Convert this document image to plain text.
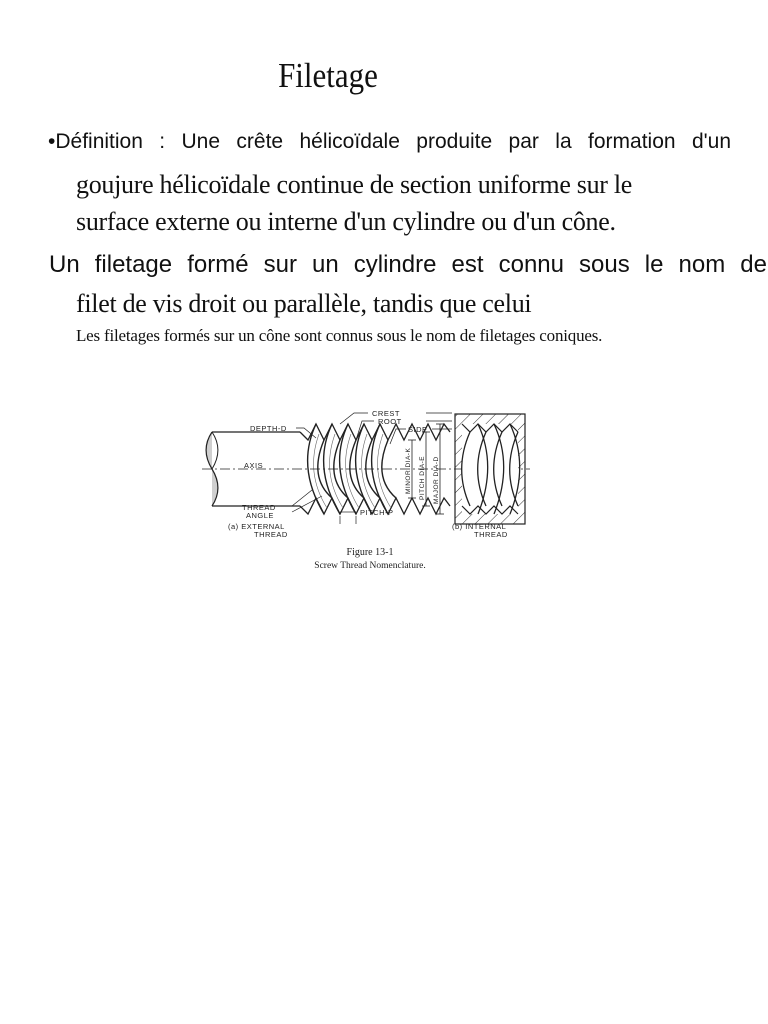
Filetage
•Définition : Une crête hélicoïdale produite par la formation d'un
goujure hélicoïdale continue de section uniforme sur le
surface externe ou interne d'un cylindre ou d'un cône.
Un filetage formé sur un cylindre est connu sous le nom de
filet de vis droit ou parallèle, tandis que celui
Les filetages formés sur un cône sont connus sous le nom de filetages coniques.
CREST
ROOT
SIDE
DEPTH-D
AXIS
THREAD
ANGLE	PITCH-P
MINOR DIA-K PITCH DIA-E MAJOR DIA-D
(a) EXTERNAL
THREAD
(b) INTERNAL
THREAD
Figure 13-1
Screw Thread Nomenclature.
